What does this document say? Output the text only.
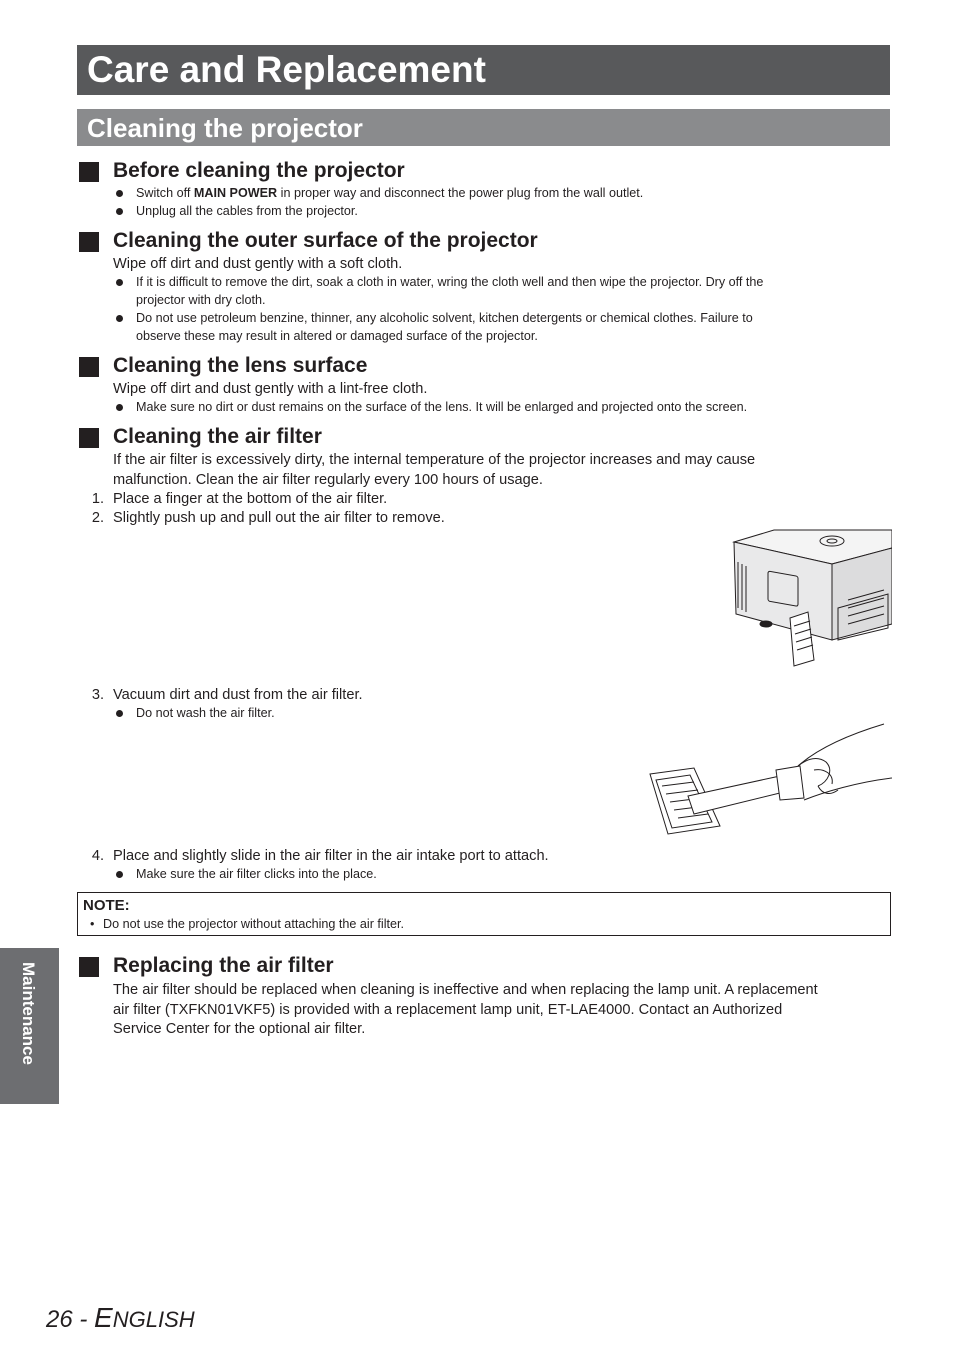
Care and Replacement
Cleaning the projector
Before cleaning the projector
Switch off MAIN POWER in proper way and disconnect the power plug from the wall outlet.
Unplug all the cables from the projector.
Cleaning the outer surface of the projector
Wipe off dirt and dust gently with a soft cloth.
If it is difficult to remove the dirt, soak a cloth in water, wring the cloth well and then wipe the projector. Dry off the
projector with dry cloth.
Do not use petroleum benzine, thinner, any alcoholic solvent, kitchen detergents or chemical clothes. Failure to
observe these may result in altered or damaged surface of the projector.
Cleaning the lens surface
Wipe off dirt and dust gently with a lint-free cloth.
Make sure no dirt or dust remains on the surface of the lens. It will be enlarged and projected onto the screen.
Cleaning the air filter
If the air filter is excessively dirty, the internal temperature of the projector increases and may cause
malfunction. Clean the air filter regularly every 100 hours of usage.
1. Place a finger at the bottom of the air filter.
2. Slightly push up and pull out the air filter to remove.
3. Vacuum dirt and dust from the air filter.
Do not wash the air filter.
4. Place and slightly slide in the air filter in the air intake port to attach.
Make sure the air filter clicks into the place.
NOTE:
• Do not use the projector without attaching the air filter.
Replacing the air filter
The air filter should be replaced when cleaning is ineffective and when replacing the lamp unit. A replacement
air filter (TXFKN01VKF5) is provided with a replacement lamp unit, ET-LAE4000. Contact an Authorized
Service Center for the optional air filter.
Maintenance
26 - ENGLISH
